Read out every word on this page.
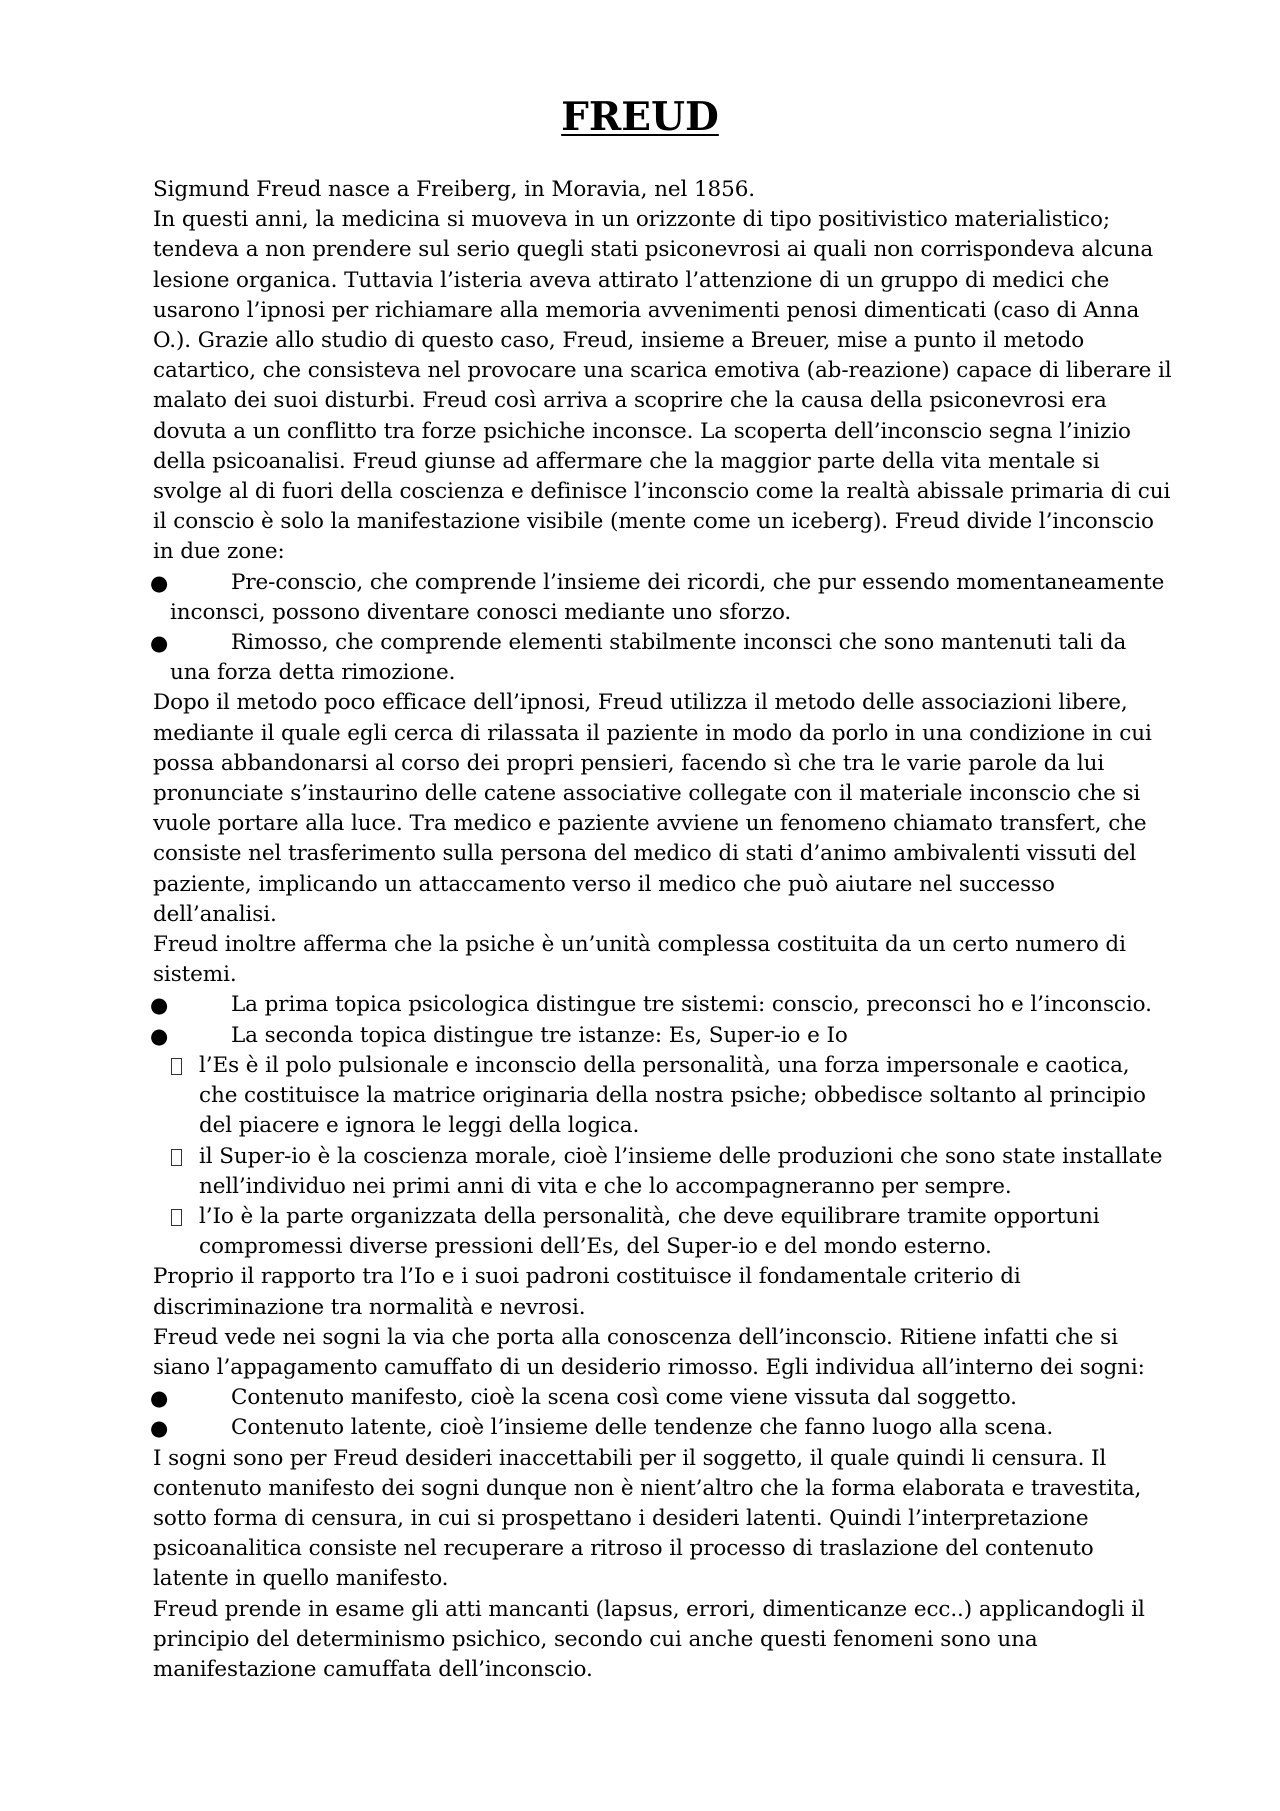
FREUD

Sigmund Freud nasce a Freiberg, in Moravia, nel 1856.

In questi anni, la medicina si muoveva in un orizzonte di tipo positivistico materialistico; tendeva a non prendere sul serio quegli stati psiconevrosi ai quali non corrispondeva alcuna lesione organica. Tuttavia l’isteria aveva attirato l’attenzione di un gruppo di medici che usarono l’ipnosi per richiamare alla memoria avvenimenti penosi dimenticati (caso di Anna O.). Grazie allo studio di questo caso, Freud, insieme a Breuer, mise a punto il metodo catartico, che consisteva nel provocare una scarica emotiva (ab-reazione) capace di liberare il malato dei suoi disturbi. Freud così arriva a scoprire che la causa della psiconevrosi era dovuta a un conflitto tra forze psichiche inconsce. La scoperta dell’inconscio segna l’inizio della psicoanalisi. Freud giunse ad affermare che la maggior parte della vita mentale si svolge al di fuori della coscienza e definisce l’inconscio come la realtà abissale primaria di cui il conscio è solo la manifestazione visibile (mente come un iceberg). Freud divide l’inconscio in due zone:

●	Pre-conscio, che comprende l’insieme dei ricordi, che pur essendo momentaneamente inconsci, possono diventare conosci mediante uno sforzo.
●	Rimosso, che comprende elementi stabilmente inconsci che sono mantenuti tali da una forza detta rimozione.

Dopo il metodo poco efficace dell’ipnosi, Freud utilizza il metodo delle associazioni libere, mediante il quale egli cerca di rilassata il paziente in modo da porlo in una condizione in cui possa abbandonarsi al corso dei propri pensieri, facendo sì che tra le varie parole da lui pronunciate s’instaurino delle catene associative collegate con il materiale inconscio che si vuole portare alla luce. Tra medico e paziente avviene un fenomeno chiamato transfert, che consiste nel trasferimento sulla persona del medico di stati d’animo ambivalenti vissuti del paziente, implicando un attaccamento verso il medico che può aiutare nel successo dell’analisi.

Freud inoltre afferma che la psiche è un’unità complessa costituita da un certo numero di sistemi.

●	La prima topica psicologica distingue tre sistemi: conscio, preconsci ho e l’inconscio.
●	La seconda topica distingue tre istanze: Es, Super-io e Io
l’Es è il polo pulsionale e inconscio della personalità, una forza impersonale e caotica, che costituisce la matrice originaria della nostra psiche; obbedisce soltanto al principio del piacere e ignora le leggi della logica.
il Super-io è la coscienza morale, cioè l’insieme delle produzioni che sono state installate nell’individuo nei primi anni di vita e che lo accompagneranno per sempre.
l’Io è la parte organizzata della personalità, che deve equilibrare tramite opportuni compromessi diverse pressioni dell’Es, del Super-io e del mondo esterno.

Proprio il rapporto tra l’Io e i suoi padroni costituisce il fondamentale criterio di discriminazione tra normalità e nevrosi.

Freud vede nei sogni la via che porta alla conoscenza dell’inconscio. Ritiene infatti che si siano l’appagamento camuffato di un desiderio rimosso. Egli individua all’interno dei sogni:

●	Contenuto manifesto, cioè la scena così come viene vissuta dal soggetto.
●	Contenuto latente, cioè l’insieme delle tendenze che fanno luogo alla scena.

I sogni sono per Freud desideri inaccettabili per il soggetto, il quale quindi li censura. Il contenuto manifesto dei sogni dunque non è nient’altro che la forma elaborata e travestita, sotto forma di censura, in cui si prospettano i desideri latenti. Quindi l’interpretazione psicoanalitica consiste nel recuperare a ritroso il processo di traslazione del contenuto latente in quello manifesto.

Freud prende in esame gli atti mancanti (lapsus, errori, dimenticanze ecc..) applicandogli il principio del determinismo psichico, secondo cui anche questi fenomeni sono una manifestazione camuffata dell’inconscio.
